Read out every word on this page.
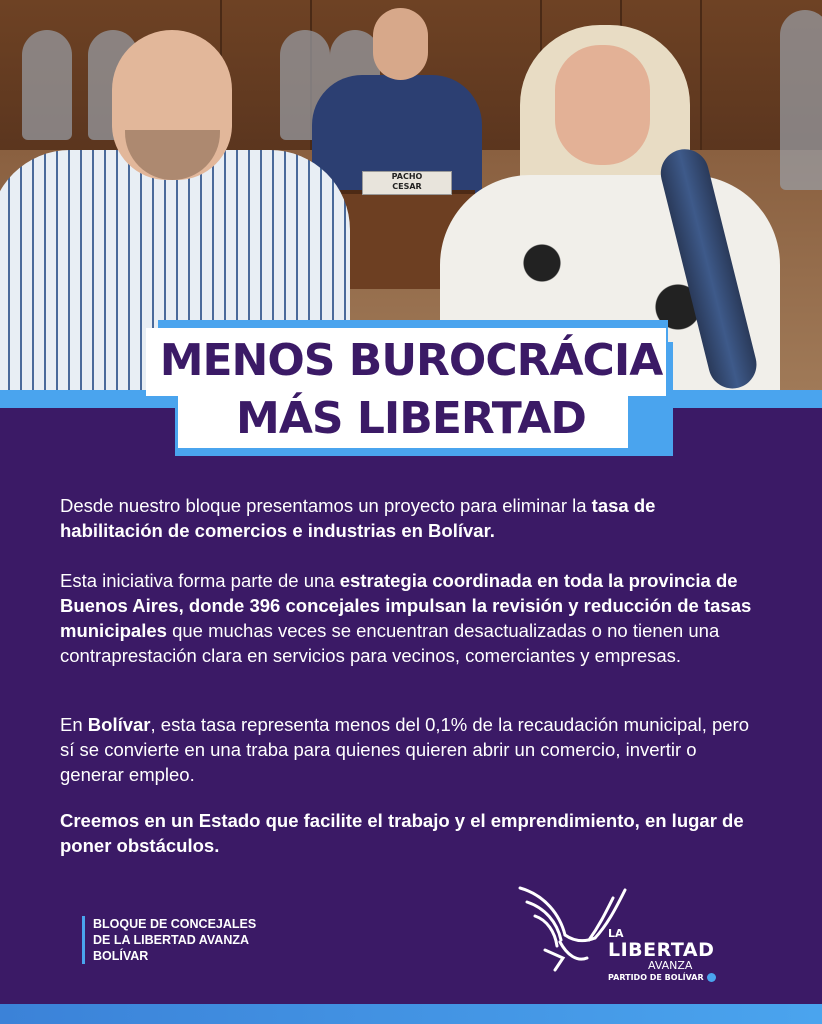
PACHO
CESAR
MENOS BUROCRÁCIA
MÁS LIBERTAD

Desde nuestro bloque presentamos un proyecto para eliminar la tasa de habilitación de comercios e industrias en Bolívar.

Esta iniciativa forma parte de una estrategia coordinada en toda la provincia de Buenos Aires, donde 396 concejales impulsan la revisión y reducción de tasas municipales que muchas veces se encuentran desactualizadas o no tienen una contraprestación clara en servicios para vecinos, comerciantes y empresas.

En Bolívar, esta tasa representa menos del 0,1% de la recaudación municipal, pero sí se convierte en una traba para quienes quieren abrir un comercio, invertir o generar empleo.

Creemos en un Estado que facilite el trabajo y el emprendimiento, en lugar de poner obstáculos.

BLOQUE DE CONCEJALES
DE LA LIBERTAD AVANZA
BOLÍVAR
LA
LIBERTAD
AVANZA
PARTIDO DE BOLÍVAR
